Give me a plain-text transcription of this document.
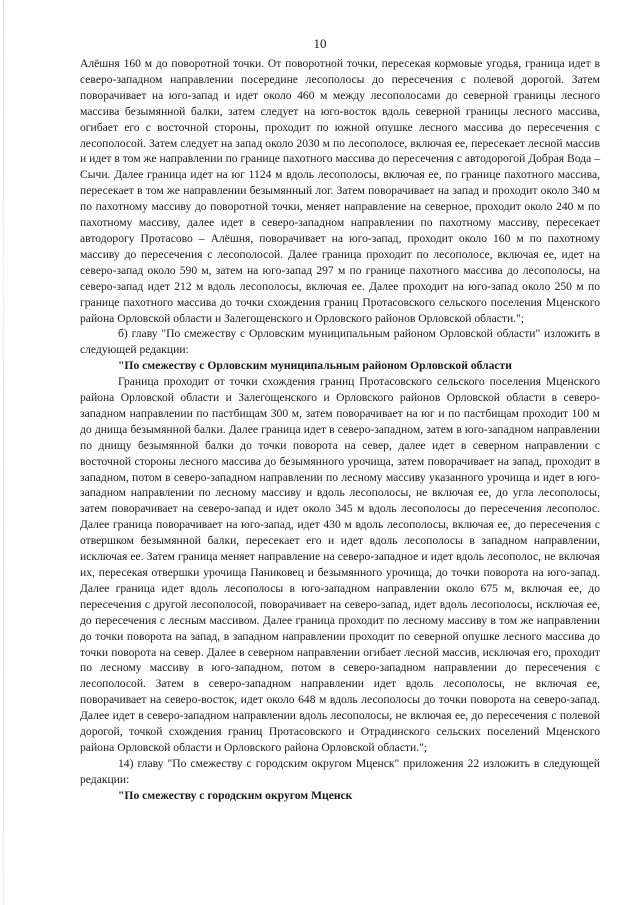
10

Алёшня 160 м до поворотной точки. От поворотной точки, пересекая кормовые угодья, граница идет в северо-западном направлении посередине лесополосы до пересечения с полевой дорогой. Затем поворачивает на юго-запад и идет около 460 м между лесополосами до северной границы лесного массива безымянной балки, затем следует на юго-восток вдоль северной границы лесного массива, огибает его с восточной стороны, проходит по южной опушке лесного массива до пересечения с лесополосой. Затем следует на запад около 2030 м по лесополосе, включая ее, пересекает лесной массив и идет в том же направлении по границе пахотного массива до пересечения с автодорогой Добрая Вода – Сычи. Далее граница идет на юг 1124 м вдоль лесополосы, включая ее, по границе пахотного массива, пересекает в том же направлении безымянный лог. Затем поворачивает на запад и проходит около 340 м по пахотному массиву до поворотной точки, меняет направление на северное, проходит около 240 м по пахотному массиву, далее идет в северо-западном направлении по пахотному массиву, пересекает автодорогу Протасово – Алёшня, поворачивает на юго-запад, проходит около 160 м по пахотному массиву до пересечения с лесополосой. Далее граница проходит по лесополосе, включая ее, идет на северо-запад около 590 м, затем на юго-запад 297 м по границе пахотного массива до лесополосы, на северо-запад идет 212 м вдоль лесополосы, включая ее. Далее проходит на юго-запад около 250 м по границе пахотного массива до точки схождения границ Протасовского сельского поселения Мценского района Орловской области и Залегощенского и Орловского районов Орловской области.";

б) главу "По смежеству с Орловским муниципальным районом Орловской области" изложить в следующей редакции:

"По смежеству с Орловским муниципальным районом Орловской области

Граница проходит от точки схождения границ Протасовского сельского поселения Мценского района Орловской области и Залегощенского и Орловского районов Орловской области в северо-западном направлении по пастбищам 300 м, затем поворачивает на юг и по пастбищам проходит 100 м до днища безымянной балки. Далее граница идет в северо-западном, затем в юго-западном направлении по днищу безымянной балки до точки поворота на север, далее идет в северном направлении с восточной стороны лесного массива до безымянного урочища, затем поворачивает на запад, проходит в западном, потом в северо-западном направлении по лесному массиву указанного урочища и идет в юго-западном направлении по лесному массиву и вдоль лесополосы, не включая ее, до угла лесополосы, затем поворачивает на северо-запад и идет около 345 м вдоль лесополосы до пересечения лесополос. Далее граница поворачивает на юго-запад, идет 430 м вдоль лесополосы, включая ее, до пересечения с отвершком безымянной балки, пересекает его и идет вдоль лесополосы в западном направлении, исключая ее. Затем граница меняет направление на северо-западное и идет вдоль лесополос, не включая их, пересекая отвершки урочища Паниковец и безымянного урочища, до точки поворота на юго-запад. Далее граница идет вдоль лесополосы в юго-западном направлении около 675 м, включая ее, до пересечения с другой лесополосой, поворачивает на северо-запад, идет вдоль лесополосы, исключая ее, до пересечения с лесным массивом. Далее граница проходит по лесному массиву в том же направлении до точки поворота на запад, в западном направлении проходит по северной опушке лесного массива до точки поворота на север. Далее в северном направлении огибает лесной массив, исключая его, проходит по лесному массиву в юго-западном, потом в северо-западном направлении до пересечения с лесополосой. Затем в северо-западном направлении идет вдоль лесополосы, не включая ее, поворачивает на северо-восток, идет около 648 м вдоль лесополосы до точки поворота на северо-запад. Далее идет в северо-западном направлении вдоль лесополосы, не включая ее, до пересечения с полевой дорогой, точкой схождения границ Протасовского и Отрадинского сельских поселений Мценского района Орловской области и Орловского района Орловской области.";

14) главу "По смежеству с городским округом Мценск" приложения 22 изложить в следующей редакции:

"По смежеству с городским округом Мценск
